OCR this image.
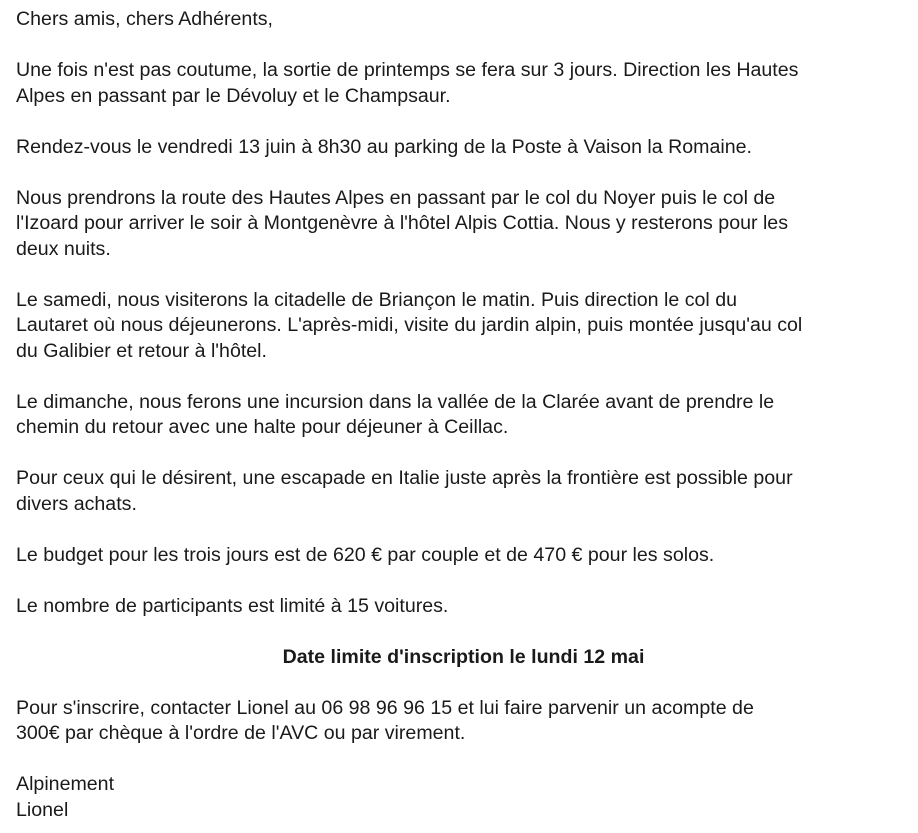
Chers amis, chers Adhérents,

Une fois n'est pas coutume, la sortie de printemps se fera sur 3 jours. Direction les Hautes
Alpes en passant par le Dévoluy et le Champsaur.

Rendez-vous le vendredi 13 juin à 8h30 au parking de la Poste à Vaison la Romaine.

Nous prendrons la route des Hautes Alpes en passant par le col du Noyer puis le col de
l'Izoard pour arriver le soir à Montgenèvre à l'hôtel Alpis Cottia. Nous y resterons pour les
deux nuits.

Le samedi, nous visiterons la citadelle de Briançon le matin. Puis direction le col du
Lautaret où nous déjeunerons. L'après-midi, visite du jardin alpin, puis montée jusqu'au col
du Galibier et retour à l'hôtel.

Le dimanche, nous ferons une incursion dans la vallée de la Clarée avant de prendre le
chemin du retour avec une halte pour déjeuner à Ceillac.

Pour ceux qui le désirent, une escapade en Italie juste après la frontière est possible pour
divers achats.

Le budget pour les trois jours est de 620 € par couple et de 470 € pour les solos.

Le nombre de participants est limité à 15 voitures.

Date limite d'inscription le lundi 12 mai

Pour s'inscrire, contacter Lionel au 06 98 96 96 15 et lui faire parvenir un acompte de
300€ par chèque à l'ordre de l'AVC ou par virement.

Alpinement
Lionel
